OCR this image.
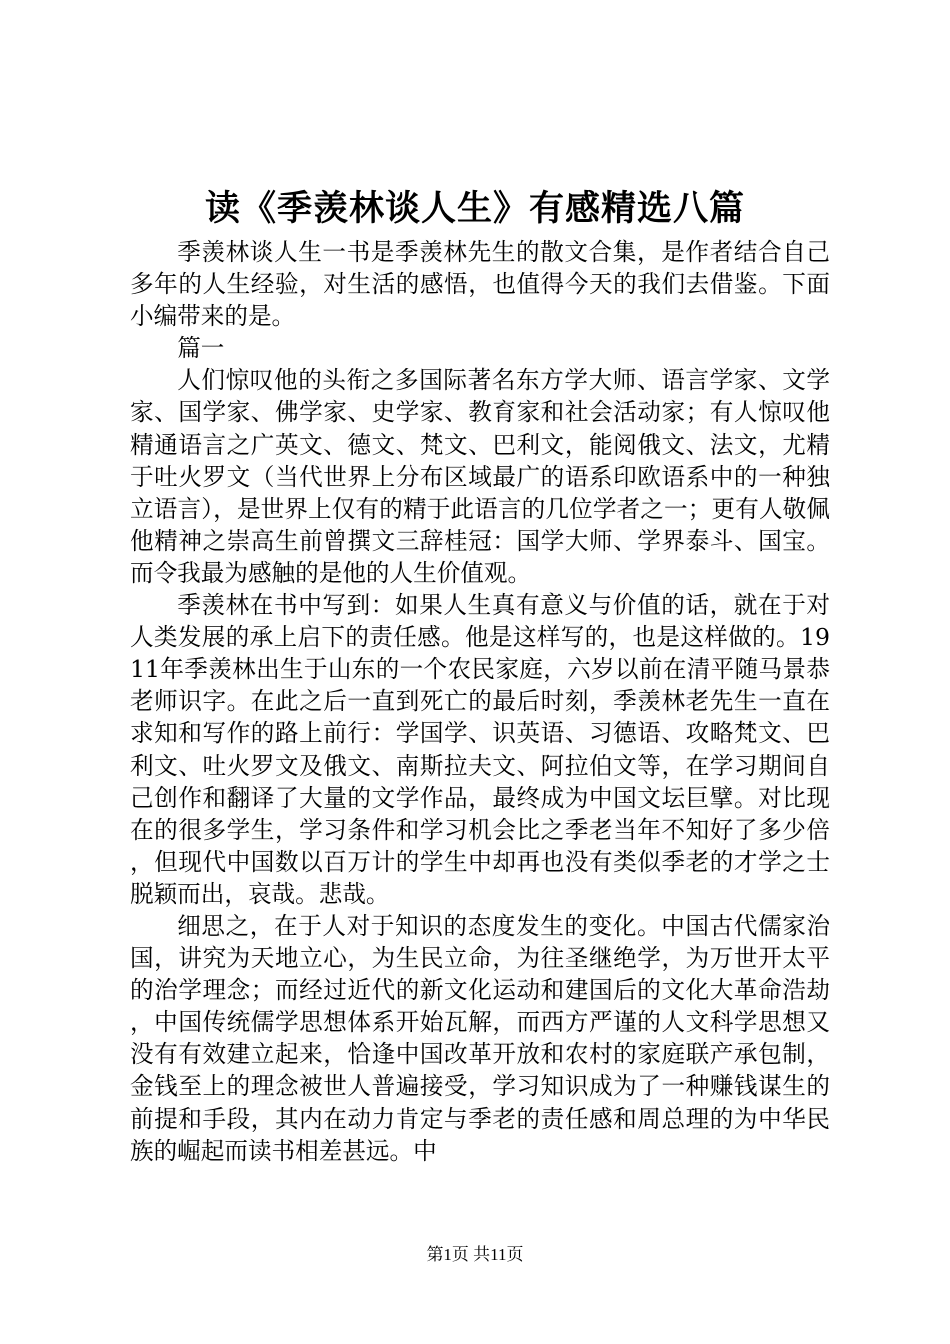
读《季羡林谈人生》有感精选八篇

季羡林谈人生一书是季羡林先生的散文合集，是作者结合自己多年的人生经验，对生活的感悟，也值得今天的我们去借鉴。下面小编带来的是。

篇一

人们惊叹他的头衔之多国际著名东方学大师、语言学家、文学家、国学家、佛学家、史学家、教育家和社会活动家；有人惊叹他精通语言之广英文、德文、梵文、巴利文，能阅俄文、法文，尤精于吐火罗文（当代世界上分布区域最广的语系印欧语系中的一种独立语言），是世界上仅有的精于此语言的几位学者之一；更有人敬佩他精神之崇高生前曾撰文三辞桂冠：国学大师、学界泰斗、国宝。而令我最为感触的是他的人生价值观。

季羡林在书中写到：如果人生真有意义与价值的话，就在于对人类发展的承上启下的责任感。他是这样写的，也是这样做的。1911年季羡林出生于山东的一个农民家庭，六岁以前在清平随马景恭老师识字。在此之后一直到死亡的最后时刻，季羡林老先生一直在求知和写作的路上前行：学国学、识英语、习德语、攻略梵文、巴利文、吐火罗文及俄文、南斯拉夫文、阿拉伯文等，在学习期间自己创作和翻译了大量的文学作品，最终成为中国文坛巨擘。对比现在的很多学生，学习条件和学习机会比之季老当年不知好了多少倍，但现代中国数以百万计的学生中却再也没有类似季老的才学之士脱颖而出，哀哉。悲哉。

细思之，在于人对于知识的态度发生的变化。中国古代儒家治国，讲究为天地立心，为生民立命，为往圣继绝学，为万世开太平的治学理念；而经过近代的新文化运动和建国后的文化大革命浩劫，中国传统儒学思想体系开始瓦解，而西方严谨的人文科学思想又没有有效建立起来，恰逢中国改革开放和农村的家庭联产承包制，金钱至上的理念被世人普遍接受，学习知识成为了一种赚钱谋生的前提和手段，其内在动力肯定与季老的责任感和周总理的为中华民族的崛起而读书相差甚远。中

第1页 共11页
